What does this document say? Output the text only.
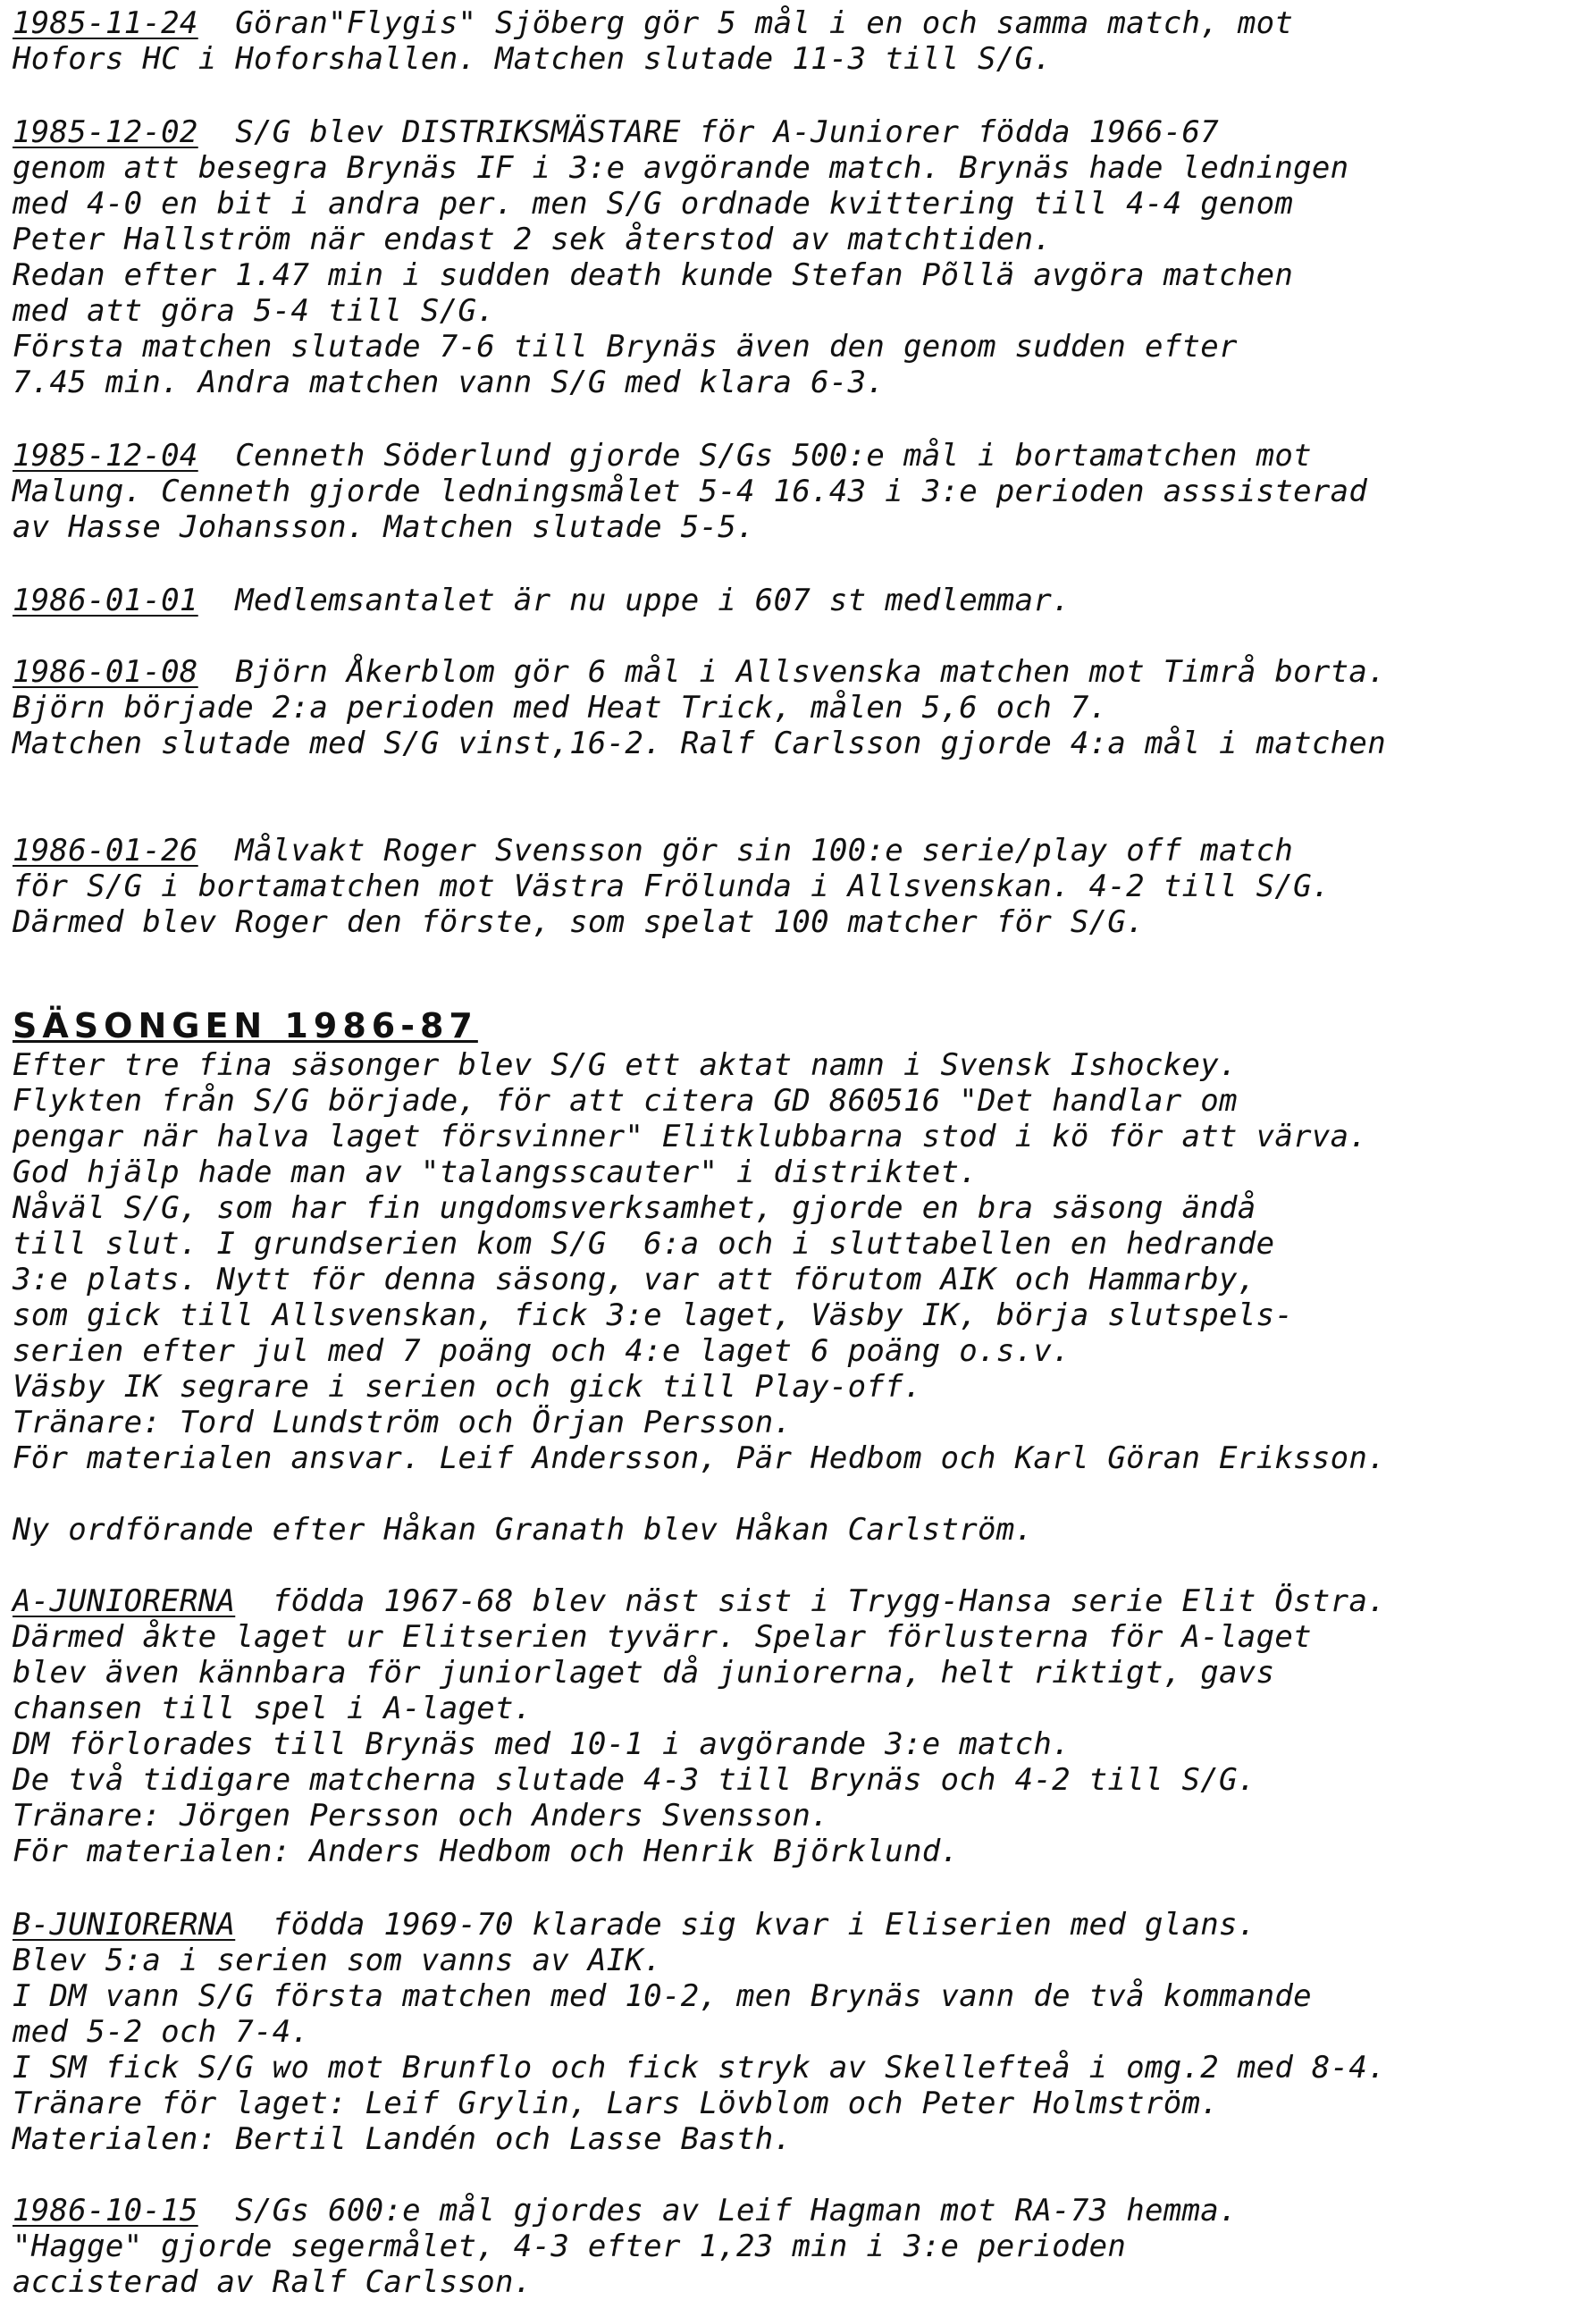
1985-11-24 Göran"Flygis" Sjöberg gör 5 mål i en och samma match, mot
Hofors HC i Hoforshallen. Matchen slutade 11-3 till S/G.
1985-12-02 S/G blev DISTRIKSMÄSTARE för A-Juniorer födda 1966-67
genom att besegra Brynäs IF i 3:e avgörande match. Brynäs hade ledningen
med 4-0 en bit i andra per. men S/G ordnade kvittering till 4-4 genom
Peter Hallström när endast 2 sek återstod av matchtiden.
Redan efter 1.47 min i sudden death kunde Stefan Põllä avgöra matchen
med att göra 5-4 till S/G.
Första matchen slutade 7-6 till Brynäs även den genom sudden efter
7.45 min. Andra matchen vann S/G med klara 6-3.
1985-12-04 Cenneth Söderlund gjorde S/Gs 500:e mål i bortamatchen mot
Malung. Cenneth gjorde ledningsmålet 5-4 16.43 i 3:e perioden asssisterad
av Hasse Johansson. Matchen slutade 5-5.
1986-01-01 Medlemsantalet är nu uppe i 607 st medlemmar.
1986-01-08 Björn Åkerblom gör 6 mål i Allsvenska matchen mot Timrå borta.
Björn började 2:a perioden med Heat Trick, målen 5,6 och 7.
Matchen slutade med S/G vinst,16-2. Ralf Carlsson gjorde 4:a mål i matchen
1986-01-26 Målvakt Roger Svensson gör sin 100:e serie/play off match
för S/G i bortamatchen mot Västra Frölunda i Allsvenskan. 4-2 till S/G.
Därmed blev Roger den förste, som spelat 100 matcher för S/G.
SÄSONGEN 1986-87
Efter tre fina säsonger blev S/G ett aktat namn i Svensk Ishockey.
Flykten från S/G började, för att citera GD 860516 "Det handlar om
pengar när halva laget försvinner" Elitklubbarna stod i kö för att värva.
God hjälp hade man av "talangsscauter" i distriktet.
Nåväl S/G, som har fin ungdomsverksamhet, gjorde en bra säsong ändå
till slut. I grundserien kom S/G  6:a och i sluttabellen en hedrande
3:e plats. Nytt för denna säsong, var att förutom AIK och Hammarby,
som gick till Allsvenskan, fick 3:e laget, Väsby IK, börja slutspels-
serien efter jul med 7 poäng och 4:e laget 6 poäng o.s.v.
Väsby IK segrare i serien och gick till Play-off.
Tränare: Tord Lundström och Örjan Persson.
För materialen ansvar. Leif Andersson, Pär Hedbom och Karl Göran Eriksson.
Ny ordförande efter Håkan Granath blev Håkan Carlström.
A-JUNIORERNA födda 1967-68 blev näst sist i Trygg-Hansa serie Elit Östra.
Därmed åkte laget ur Elitserien tyvärr. Spelar förlusterna för A-laget
blev även kännbara för juniorlaget då juniorerna, helt riktigt, gavs
chansen till spel i A-laget.
DM förlorades till Brynäs med 10-1 i avgörande 3:e match.
De två tidigare matcherna slutade 4-3 till Brynäs och 4-2 till S/G.
Tränare: Jörgen Persson och Anders Svensson.
För materialen: Anders Hedbom och Henrik Björklund.
B-JUNIORERNA födda 1969-70 klarade sig kvar i Eliserien med glans.
Blev 5:a i serien som vanns av AIK.
I DM vann S/G första matchen med 10-2, men Brynäs vann de två kommande
med 5-2 och 7-4.
I SM fick S/G wo mot Brunflo och fick stryk av Skellefteå i omg.2 med 8-4.
Tränare för laget: Leif Grylin, Lars Lövblom och Peter Holmström.
Materialen: Bertil Landén och Lasse Basth.
1986-10-15 S/Gs 600:e mål gjordes av Leif Hagman mot RA-73 hemma.
"Hagge" gjorde segermålet, 4-3 efter 1,23 min i 3:e perioden
accisterad av Ralf Carlsson.
